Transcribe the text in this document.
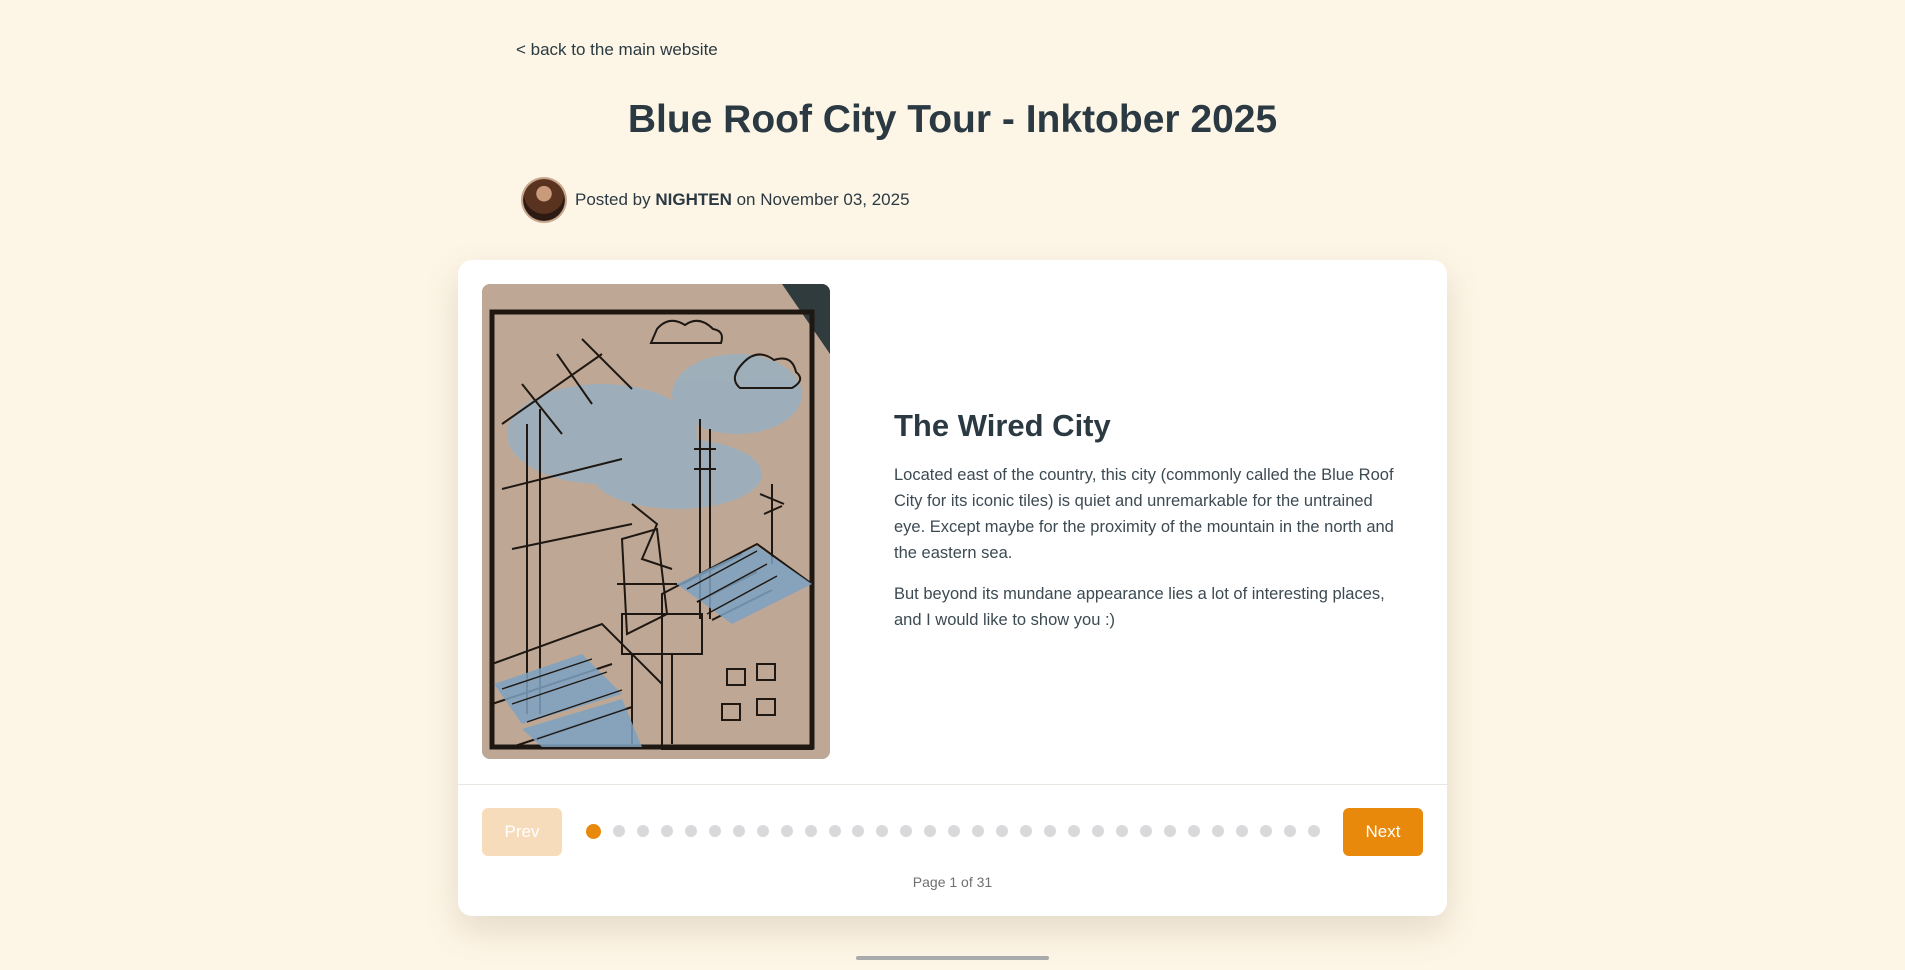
< back to the main website
Blue Roof City Tour - Inktober 2025
Posted by NIGHTEN on November 03, 2025
The Wired City

Located east of the country, this city (commonly called the Blue Roof City for its iconic tiles) is quiet and unremarkable for the untrained eye. Except maybe for the proximity of the mountain in the north and the eastern sea.

But beyond its mundane appearance lies a lot of interesting places, and I would like to show you :)

Prev	Next
Page 1 of 31
